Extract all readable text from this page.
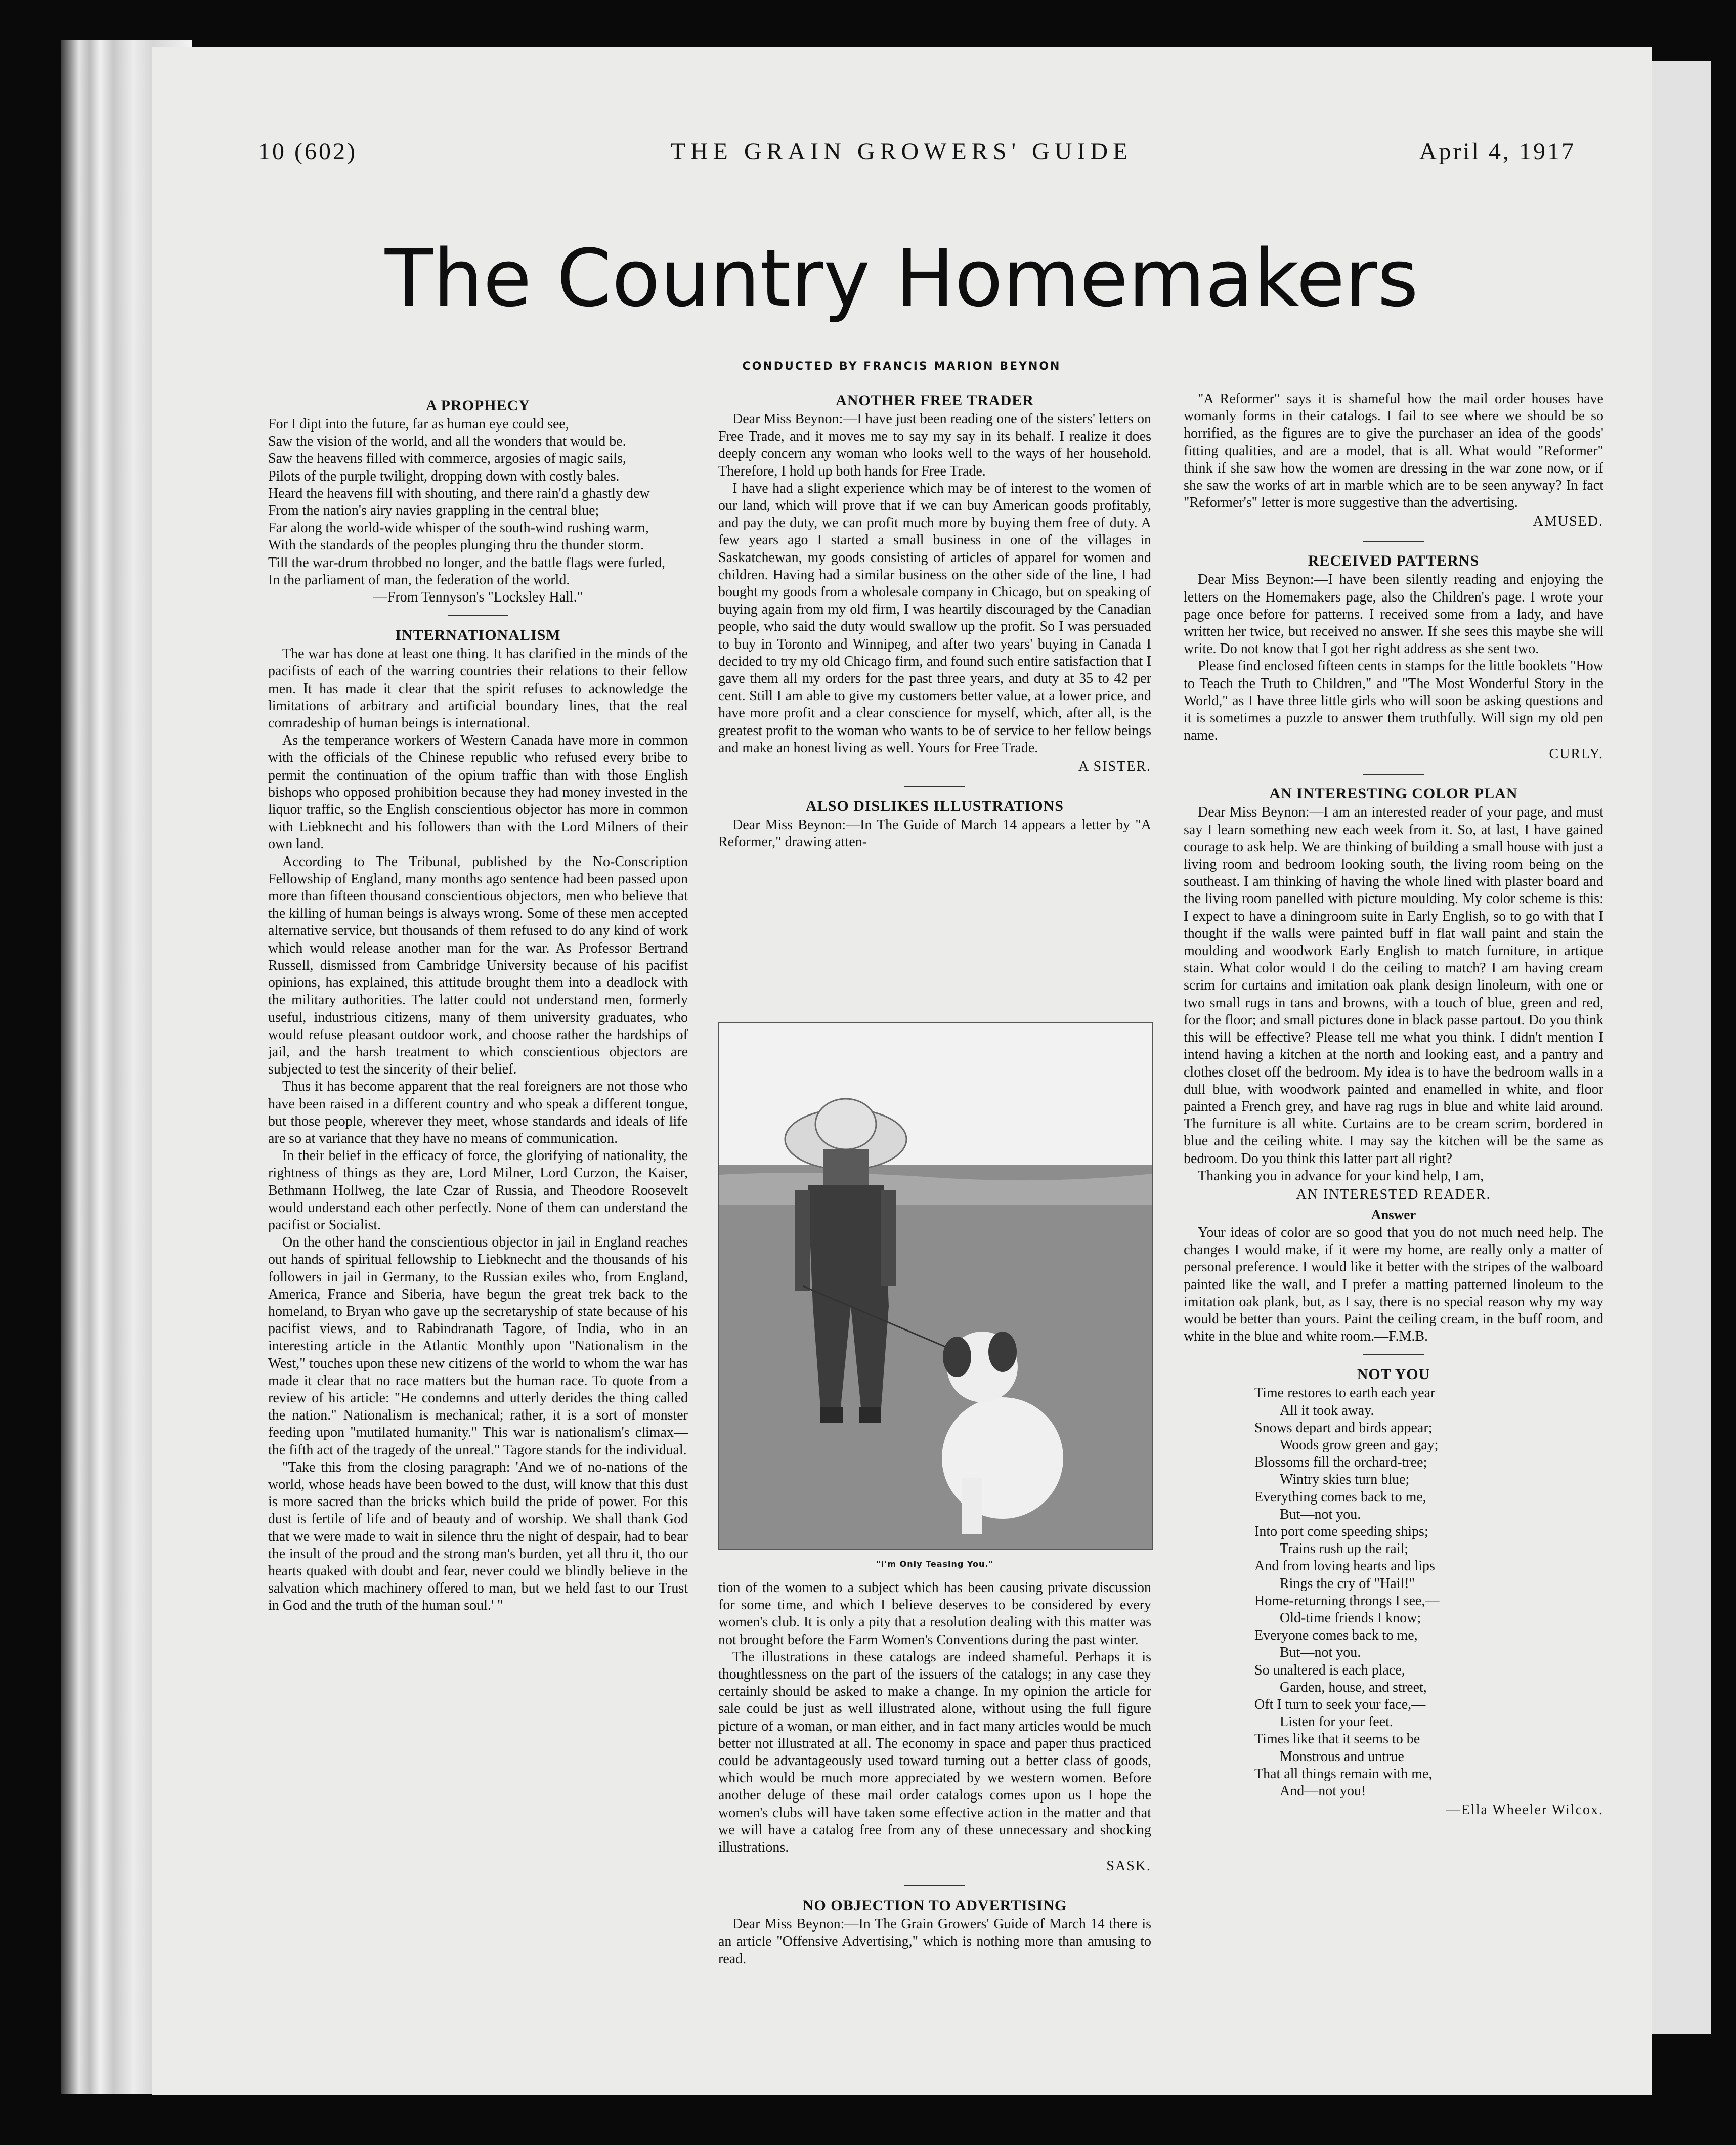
10 (602)	THE GRAIN GROWERS' GUIDE	April 4, 1917
The Country Homemakers
CONDUCTED BY FRANCIS MARION BEYNON
A PROPHECY
For I dipt into the future, far as human eye could see,
Saw the vision of the world, and all the wonders that would be.
Saw the heavens filled with commerce, argosies of magic sails,
Pilots of the purple twilight, dropping down with costly bales.
Heard the heavens fill with shouting, and there rain'd a ghastly dew
From the nation's airy navies grappling in the central blue;
Far along the world-wide whisper of the south-wind rushing warm,
With the standards of the peoples plunging thru the thunder storm.
Till the war-drum throbbed no longer, and the battle flags were furled,
In the parliament of man, the federation of the world.
—From Tennyson's "Locksley Hall."
INTERNATIONALISM

The war has done at least one thing. It has clarified in the minds of the pacifists of each of the warring countries their relations to their fellow men. It has made it clear that the spirit refuses to acknowledge the limitations of arbitrary and artificial boundary lines, that the real comradeship of human beings is international.

As the temperance workers of Western Canada have more in common with the officials of the Chinese republic who refused every bribe to permit the continuation of the opium traffic than with those English bishops who opposed prohibition because they had money invested in the liquor traffic, so the English conscientious objector has more in common with Liebknecht and his followers than with the Lord Milners of their own land.

According to The Tribunal, published by the No-Conscription Fellowship of England, many months ago sentence had been passed upon more than fifteen thousand conscientious objectors, men who believe that the killing of human beings is always wrong. Some of these men accepted alternative service, but thousands of them refused to do any kind of work which would release another man for the war. As Professor Bertrand Russell, dismissed from Cambridge University because of his pacifist opinions, has explained, this attitude brought them into a deadlock with the military authorities. The latter could not understand men, formerly useful, industrious citizens, many of them university graduates, who would refuse pleasant outdoor work, and choose rather the hardships of jail, and the harsh treatment to which conscientious objectors are subjected to test the sincerity of their belief.

Thus it has become apparent that the real foreigners are not those who have been raised in a different country and who speak a different tongue, but those people, wherever they meet, whose standards and ideals of life are so at variance that they have no means of communication.

In their belief in the efficacy of force, the glorifying of nationality, the rightness of things as they are, Lord Milner, Lord Curzon, the Kaiser, Bethmann Hollweg, the late Czar of Russia, and Theodore Roosevelt would understand each other perfectly. None of them can understand the pacifist or Socialist.

On the other hand the conscientious objector in jail in England reaches out hands of spiritual fellowship to Liebknecht and the thousands of his followers in jail in Germany, to the Russian exiles who, from England, America, France and Siberia, have begun the great trek back to the homeland, to Bryan who gave up the secretaryship of state because of his pacifist views, and to Rabindranath Tagore, of India, who in an interesting article in the Atlantic Monthly upon "Nationalism in the West," touches upon these new citizens of the world to whom the war has made it clear that no race matters but the human race. To quote from a review of his article: "He condemns and utterly derides the thing called the nation." Nationalism is mechanical; rather, it is a sort of monster feeding upon "mutilated humanity." This war is nationalism's climax—the fifth act of the tragedy of the unreal." Tagore stands for the individual.

"Take this from the closing paragraph: 'And we of no-nations of the world, whose heads have been bowed to the dust, will know that this dust is more sacred than the bricks which build the pride of power. For this dust is fertile of life and of beauty and of worship. We shall thank God that we were made to wait in silence thru the night of despair, had to bear the insult of the proud and the strong man's burden, yet all thru it, tho our hearts quaked with doubt and fear, never could we blindly believe in the salvation which machinery offered to man, but we held fast to our Trust in God and the truth of the human soul.' "

ANOTHER FREE TRADER

Dear Miss Beynon:—I have just been reading one of the sisters' letters on Free Trade, and it moves me to say my say in its behalf. I realize it does deeply concern any woman who looks well to the ways of her household. Therefore, I hold up both hands for Free Trade.

I have had a slight experience which may be of interest to the women of our land, which will prove that if we can buy American goods profitably, and pay the duty, we can profit much more by buying them free of duty. A few years ago I started a small business in one of the villages in Saskatchewan, my goods consisting of articles of apparel for women and children. Having had a similar business on the other side of the line, I had bought my goods from a wholesale company in Chicago, but on speaking of buying again from my old firm, I was heartily discouraged by the Canadian people, who said the duty would swallow up the profit. So I was persuaded to buy in Toronto and Winnipeg, and after two years' buying in Canada I decided to try my old Chicago firm, and found such entire satisfaction that I gave them all my orders for the past three years, and duty at 35 to 42 per cent. Still I am able to give my customers better value, at a lower price, and have more profit and a clear conscience for myself, which, after all, is the greatest profit to the woman who wants to be of service to her fellow beings and make an honest living as well. Yours for Free Trade.

A SISTER.
ALSO DISLIKES ILLUSTRATIONS

Dear Miss Beynon:—In The Guide of March 14 appears a letter by "A Reformer," drawing atten-

"I'm Only Teasing You."

tion of the women to a subject which has been causing private discussion for some time, and which I believe deserves to be considered by every women's club. It is only a pity that a resolution dealing with this matter was not brought before the Farm Women's Conventions during the past winter.

The illustrations in these catalogs are indeed shameful. Perhaps it is thoughtlessness on the part of the issuers of the catalogs; in any case they certainly should be asked to make a change. In my opinion the article for sale could be just as well illustrated alone, without using the full figure picture of a woman, or man either, and in fact many articles would be much better not illustrated at all. The economy in space and paper thus practiced could be advantageously used toward turning out a better class of goods, which would be much more appreciated by we western women. Before another deluge of these mail order catalogs comes upon us I hope the women's clubs will have taken some effective action in the matter and that we will have a catalog free from any of these unnecessary and shocking illustrations.

SASK.
NO OBJECTION TO ADVERTISING

Dear Miss Beynon:—In The Grain Growers' Guide of March 14 there is an article "Offensive Advertising," which is nothing more than amusing to read.

"A Reformer" says it is shameful how the mail order houses have womanly forms in their catalogs. I fail to see where we should be so horrified, as the figures are to give the purchaser an idea of the goods' fitting qualities, and are a model, that is all. What would "Reformer" think if she saw how the women are dressing in the war zone now, or if she saw the works of art in marble which are to be seen anyway? In fact "Reformer's" letter is more suggestive than the advertising.

AMUSED.
RECEIVED PATTERNS

Dear Miss Beynon:—I have been silently reading and enjoying the letters on the Homemakers page, also the Children's page. I wrote your page once before for patterns. I received some from a lady, and have written her twice, but received no answer. If she sees this maybe she will write. Do not know that I got her right address as she sent two.

Please find enclosed fifteen cents in stamps for the little booklets "How to Teach the Truth to Children," and "The Most Wonderful Story in the World," as I have three little girls who will soon be asking questions and it is sometimes a puzzle to answer them truthfully. Will sign my old pen name.

CURLY.
AN INTERESTING COLOR PLAN

Dear Miss Beynon:—I am an interested reader of your page, and must say I learn something new each week from it. So, at last, I have gained courage to ask help. We are thinking of building a small house with just a living room and bedroom looking south, the living room being on the southeast. I am thinking of having the whole lined with plaster board and the living room panelled with picture moulding. My color scheme is this: I expect to have a diningroom suite in Early English, so to go with that I thought if the walls were painted buff in flat wall paint and stain the moulding and woodwork Early English to match furniture, in artique stain. What color would I do the ceiling to match? I am having cream scrim for curtains and imitation oak plank design linoleum, with one or two small rugs in tans and browns, with a touch of blue, green and red, for the floor; and small pictures done in black passe partout. Do you think this will be effective? Please tell me what you think. I didn't mention I intend having a kitchen at the north and looking east, and a pantry and clothes closet off the bedroom. My idea is to have the bedroom walls in a dull blue, with woodwork painted and enamelled in white, and floor painted a French grey, and have rag rugs in blue and white laid around. The furniture is all white. Curtains are to be cream scrim, bordered in blue and the ceiling white. I may say the kitchen will be the same as bedroom. Do you think this latter part all right?

Thanking you in advance for your kind help, I am,

AN INTERESTED READER.
Answer

Your ideas of color are so good that you do not much need help. The changes I would make, if it were my home, are really only a matter of personal preference. I would like it better with the stripes of the walboard painted like the wall, and I prefer a matting patterned linoleum to the imitation oak plank, but, as I say, there is no special reason why my way would be better than yours. Paint the ceiling cream, in the buff room, and white in the blue and white room.—F.M.B.

NOT YOU
Time restores to earth each year
All it took away.
Snows depart and birds appear;
Woods grow green and gay;
Blossoms fill the orchard-tree;
Wintry skies turn blue;
Everything comes back to me,
But—not you.
Into port come speeding ships;
Trains rush up the rail;
And from loving hearts and lips
Rings the cry of "Hail!"
Home-returning throngs I see,—
Old-time friends I know;
Everyone comes back to me,
But—not you.
So unaltered is each place,
Garden, house, and street,
Oft I turn to seek your face,—
Listen for your feet.
Times like that it seems to be
Monstrous and untrue
That all things remain with me,
And—not you!
—Ella Wheeler Wilcox.
